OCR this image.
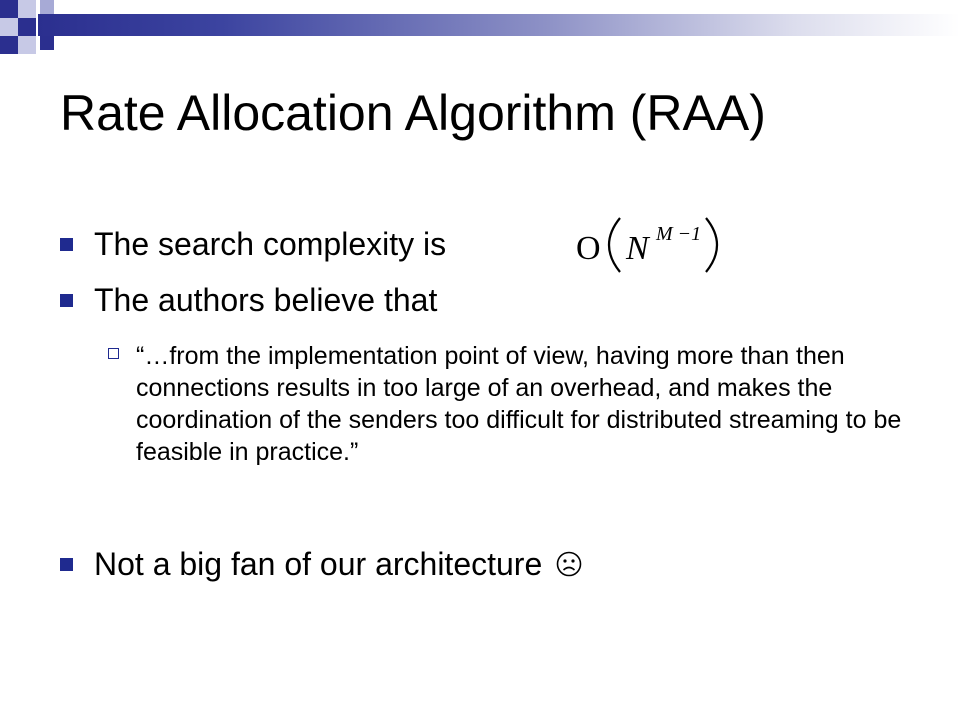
Rate Allocation Algorithm (RAA)
The search complexity is	O N M −1
The authors believe that
“…from the implementation point of view, having more than then connections results in too large of an overhead, and makes the coordination of the senders too difficult for distributed streaming to be feasible in practice.”
Not a big fan of our architecture
